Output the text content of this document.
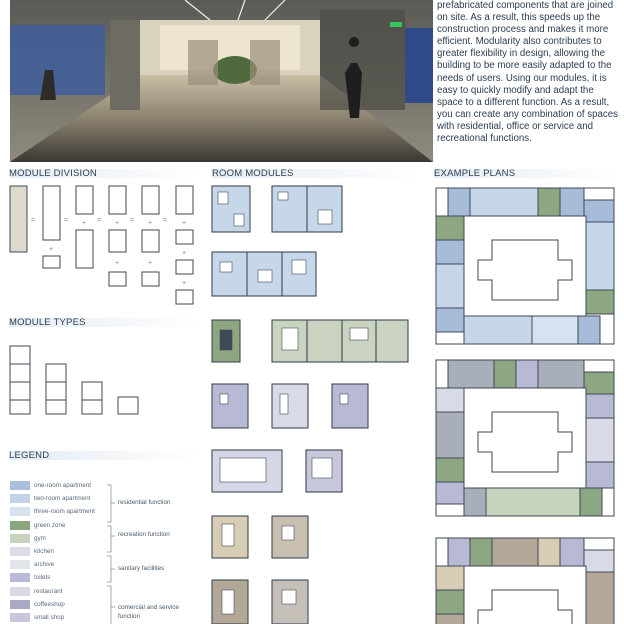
prefabricated components that are joined on site. As a result, this speeds up the construction process and makes it more efficient. Modularity also contributes to greater flexibility in design, allowing the building to be more easily adapted to the needs of users. Using our modules, it is easy to quickly modify and adapt the space to a different function. As a result, you can create any combination of spaces with residential, office or service and recreational functions.
MODULE DIVISION	ROOM MODULES	EXAMPLE PLANS
MODULE TYPES
LEGEND
=	=	=	=	=
+
+	+
+
+
+
+
+
+
one-room apartment
two-room apartment
three-room apartment
green zone
gym
kitchen
archive
toilets
restaurant
coffeeshop
small shop
residential function
recreation function
sanitary facilities
comercial and service
function
